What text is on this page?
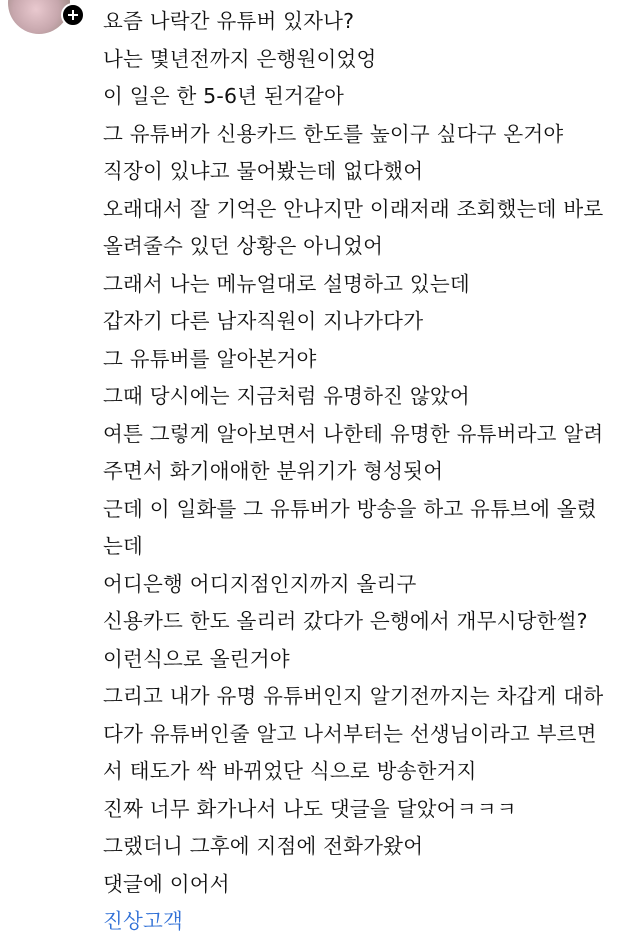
요즘 나락간 유튜버 있자나?
나는 몇년전까지 은행원이었엉
이 일은 한 5-6년 된거같아
그 유튜버가 신용카드 한도를 높이구 싶다구 온거야
직장이 있냐고 물어봤는데 없다했어
오래대서 잘 기억은 안나지만 이래저래 조회했는데 바로
올려줄수 있던 상황은 아니었어
그래서 나는 메뉴얼대로 설명하고 있는데
갑자기 다른 남자직원이 지나가다가
그 유튜버를 알아본거야
그때 당시에는 지금처럼 유명하진 않았어
여튼 그렇게 알아보면서 나한테 유명한 유튜버라고 알려
주면서 화기애애한 분위기가 형성됫어
근데 이 일화를 그 유튜버가 방송을 하고 유튜브에 올렸
는데
어디은행 어디지점인지까지 올리구
신용카드 한도 올리러 갔다가 은행에서 개무시당한썰?
이런식으로 올린거야
그리고 내가 유명 유튜버인지 알기전까지는 차갑게 대하
다가 유튜버인줄 알고 나서부터는 선생님이라고 부르면
서 태도가 싹 바뀌었단 식으로 방송한거지
진짜 너무 화가나서 나도 댓글을 달았어ㅋㅋㅋ
그랬더니 그후에 지점에 전화가왔어
댓글에 이어서
진상고객
